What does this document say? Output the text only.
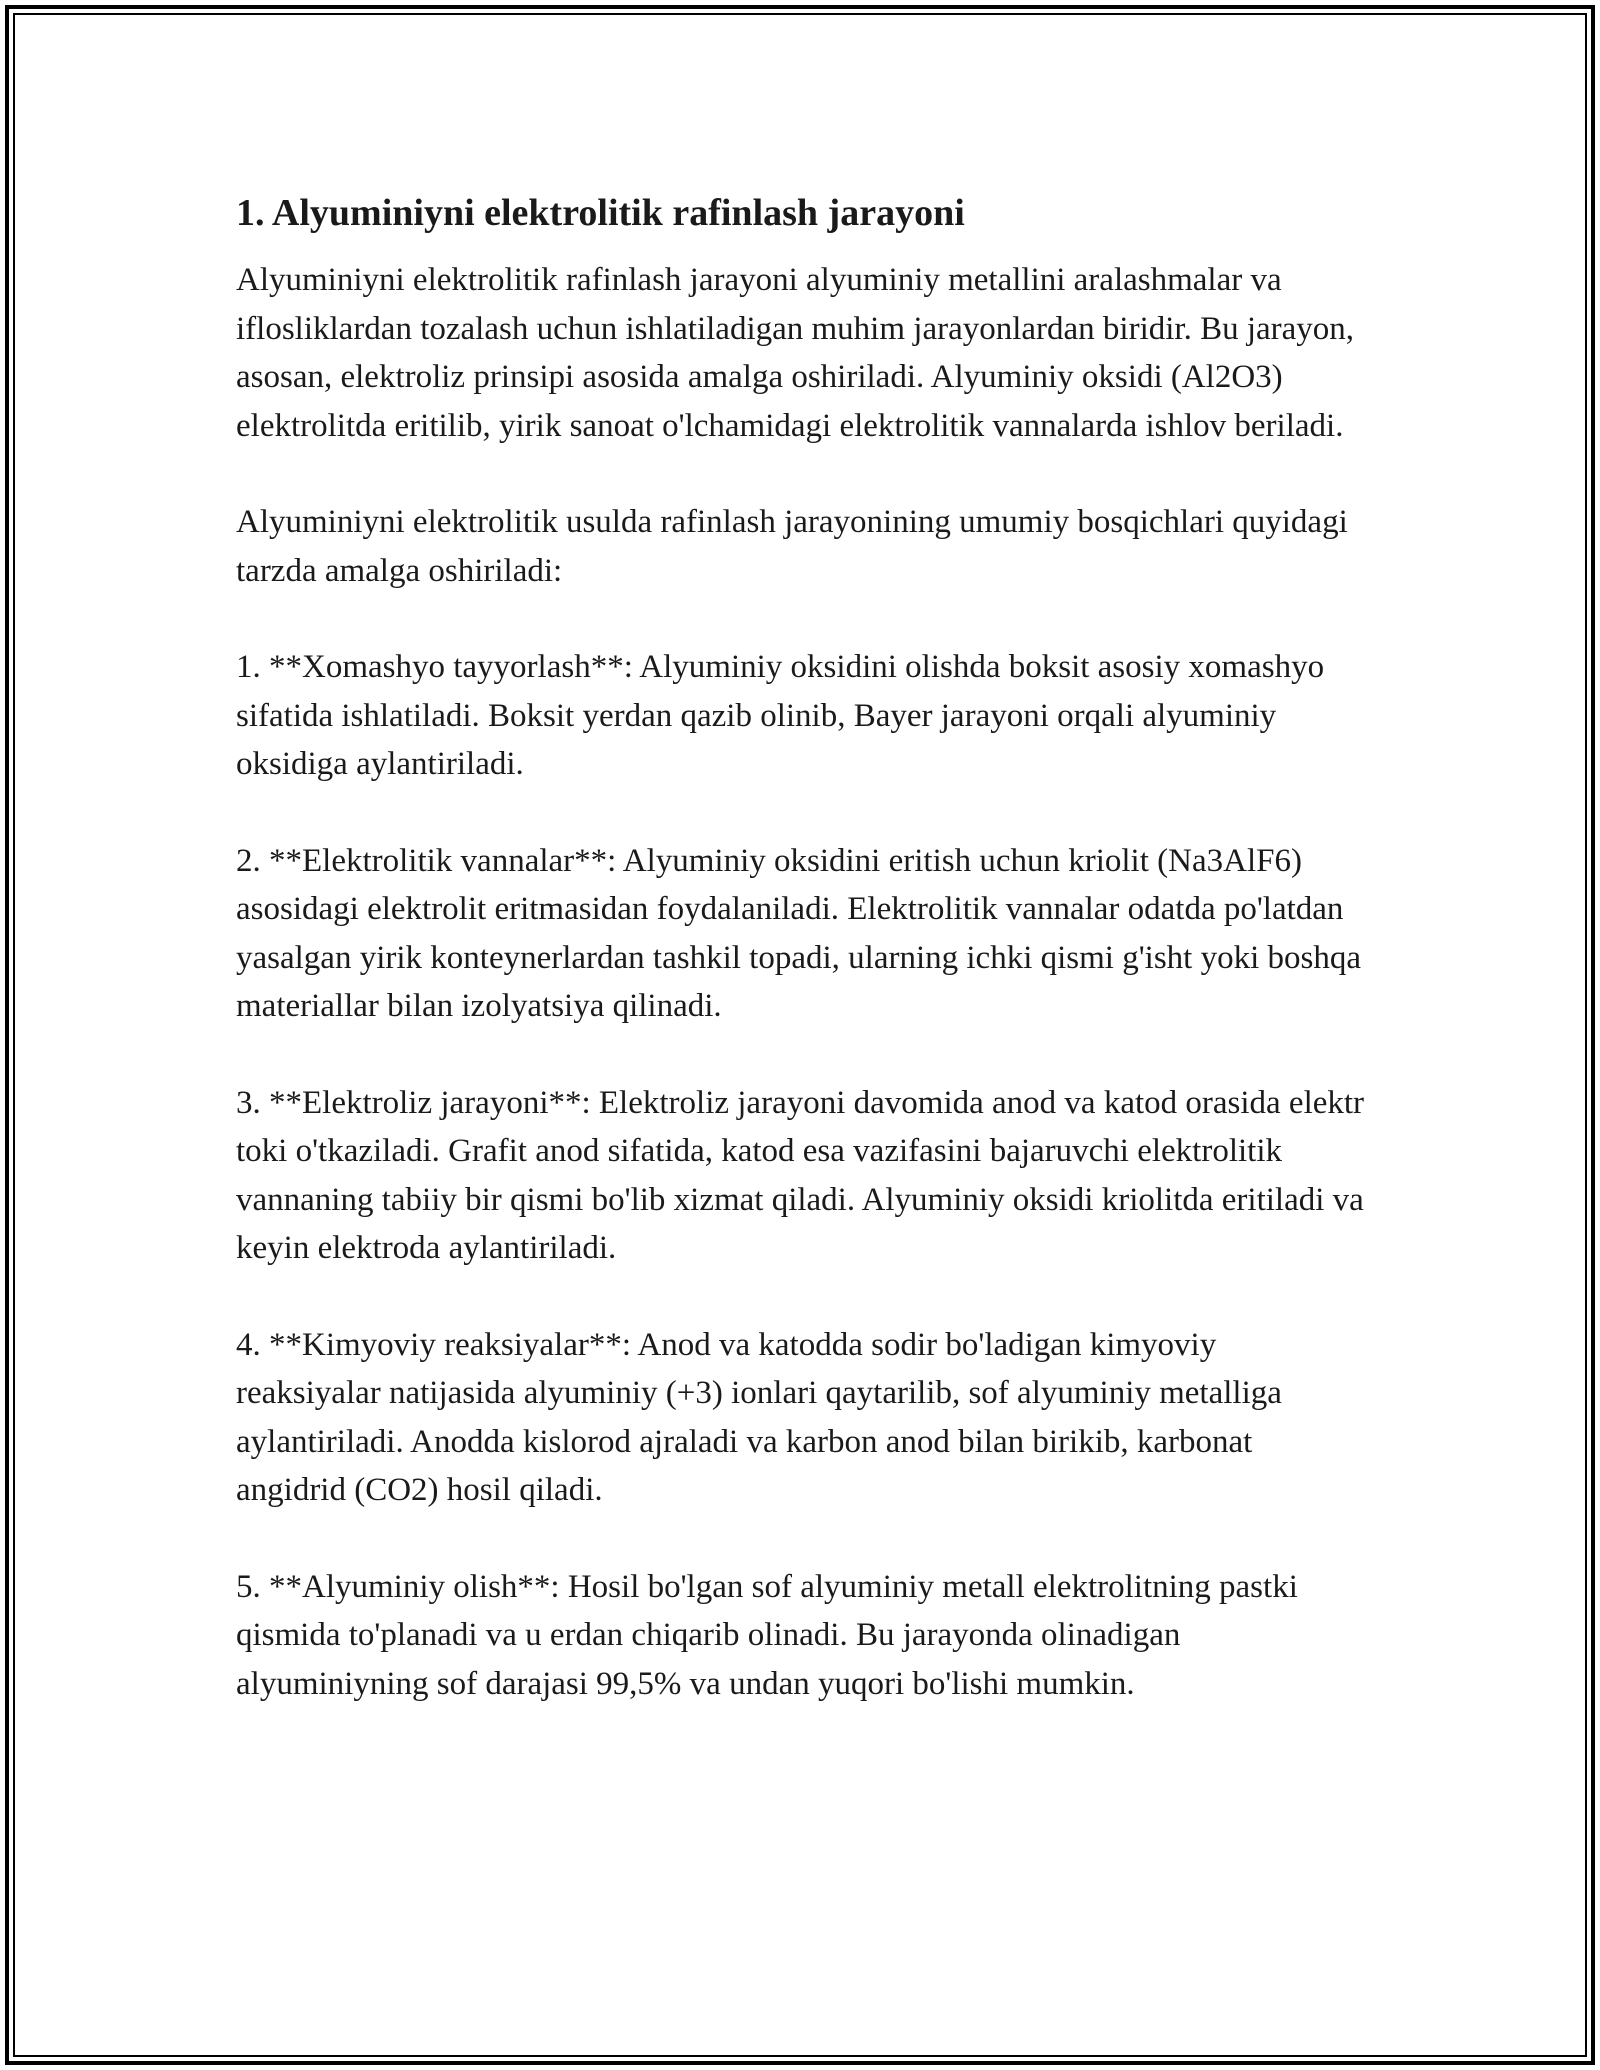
1. Alyuminiyni elektrolitik rafinlash jarayoni

Alyuminiyni elektrolitik rafinlash jarayoni alyuminiy metallini aralashmalar va iflosliklardan tozalash uchun ishlatiladigan muhim jarayonlardan biridir. Bu jarayon, asosan, elektroliz prinsipi asosida amalga oshiriladi. Alyuminiy oksidi (Al2O3) elektrolitda eritilib, yirik sanoat o'lchamidagi elektrolitik vannalarda ishlov beriladi.

Alyuminiyni elektrolitik usulda rafinlash jarayonining umumiy bosqichlari quyidagi tarzda amalga oshiriladi:

1. **Xomashyo tayyorlash**: Alyuminiy oksidini olishda boksit asosiy xomashyo sifatida ishlatiladi. Boksit yerdan qazib olinib, Bayer jarayoni orqali alyuminiy oksidiga aylantiriladi.

2. **Elektrolitik vannalar**: Alyuminiy oksidini eritish uchun kriolit (Na3AlF6) asosidagi elektrolit eritmasidan foydalaniladi. Elektrolitik vannalar odatda po'latdan yasalgan yirik konteynerlardan tashkil topadi, ularning ichki qismi g'isht yoki boshqa materiallar bilan izolyatsiya qilinadi.

3. **Elektroliz jarayoni**: Elektroliz jarayoni davomida anod va katod orasida elektr toki o'tkaziladi. Grafit anod sifatida, katod esa vazifasini bajaruvchi elektrolitik vannaning tabiiy bir qismi bo'lib xizmat qiladi. Alyuminiy oksidi kriolitda eritiladi va keyin elektroda aylantiriladi.

4. **Kimyoviy reaksiyalar**: Anod va katodda sodir bo'ladigan kimyoviy reaksiyalar natijasida alyuminiy (+3) ionlari qaytarilib, sof alyuminiy metalliga aylantiriladi. Anodda kislorod ajraladi va karbon anod bilan birikib, karbonat angidrid (CO2) hosil qiladi.

5. **Alyuminiy olish**: Hosil bo'lgan sof alyuminiy metall elektrolitning pastki qismida to'planadi va u erdan chiqarib olinadi. Bu jarayonda olinadigan alyuminiyning sof darajasi 99,5% va undan yuqori bo'lishi mumkin.
